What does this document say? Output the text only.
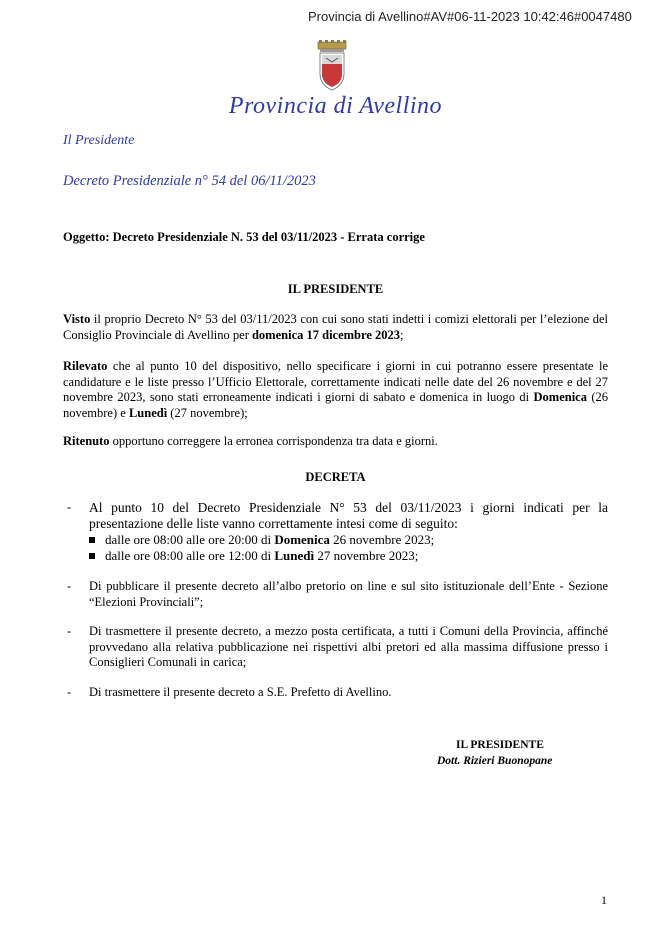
Provincia di Avellino#AV#06-11-2023 10:42:46#0047480
Provincia di Avellino
Il Presidente
Decreto Presidenziale n° 54 del 06/11/2023
Oggetto: Decreto Presidenziale N. 53 del 03/11/2023 - Errata corrige
IL PRESIDENTE
Visto il proprio Decreto N° 53 del 03/11/2023 con cui sono stati indetti i comizi elettorali per l’elezione del Consiglio Provinciale di Avellino per domenica 17 dicembre 2023;
Rilevato che al punto 10 del dispositivo, nello specificare i giorni in cui potranno essere presentate le candidature e le liste presso l’Ufficio Elettorale, correttamente indicati nelle date del 26 novembre e del 27 novembre 2023, sono stati erroneamente indicati i giorni di sabato e domenica in luogo di Domenica (26 novembre) e Lunedì (27 novembre);
Ritenuto opportuno correggere la erronea corrispondenza tra data e giorni.
DECRETA
- Al punto 10 del Decreto Presidenziale N° 53 del 03/11/2023 i giorni indicati per la presentazione delle liste vanno correttamente intesi come di seguito:
dalle ore 08:00 alle ore 20:00 di Domenica 26 novembre 2023;
dalle ore 08:00 alle ore 12:00 di Lunedì 27 novembre 2023;
- Di pubblicare il presente decreto all’albo pretorio on line e sul sito istituzionale dell’Ente - Sezione “Elezioni Provinciali”;
- Di trasmettere il presente decreto, a mezzo posta certificata, a tutti i Comuni della Provincia, affinché provvedano alla relativa pubblicazione nei rispettivi albi pretori ed alla massima diffusione presso i Consiglieri Comunali in carica;
- Di trasmettere il presente decreto a S.E. Prefetto di Avellino.
IL PRESIDENTE
Dott. Rizieri Buonopane
1
